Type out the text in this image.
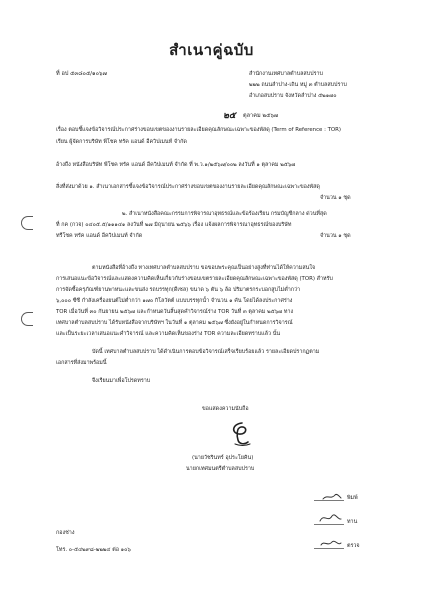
สำเนาคู่ฉบับ
ที่ อป ๕๓๘๐๕/๑๐๖๗	สำนักงานเทศบาลตำบลสบปราบ
๒๒๒ ถนนลำปาง-เถิน หมู่ ๓ ตำบลสบปราบ
อำเภอสบปราบ จังหวัดลำปาง ๕๒๑๗๐
๒๕ ตุลาคม ๒๕๖๗
เรื่อง ตอบชี้แจงข้อวิจารณ์ประกาศร่างขอบเขตของงานรายละเอียดคุณลักษณะเฉพาะของพัสดุ (Term of Reference : TOR)
เรียน ผู้จัดการบริษัท พีโชค ทรัค แอนด์ อีควิปเมนท์ จำกัด
อ้างถึง หนังสือบริษัท พีโชค ทรัค แอนด์ อีควิปเมนท์ จำกัด ที่ พ.ว.๑/๒๕๖๗/๐๐๒ ลงวันที่ ๑ ตุลาคม ๒๕๖๗
สิ่งที่ส่งมาด้วย ๑. สำเนาเอกสารชี้แจงข้อวิจารณ์ประกาศร่างขอบเขตของงานรายละเอียดคุณลักษณะเฉพาะของพัสดุ
จำนวน ๑ ชุด
๒. สำเนาหนังสือคณะกรรมการพิจารณาอุทธรณ์และข้อร้องเรียน กรมบัญชีกลาง ด่วนที่สุด
ที่ กค (กวจ) ๐๔๐๕.๕/๑๑๑๔๑ ลงวันที่ ๒๗ มิถุนายน ๒๕๖๖ เรื่อง แจ้งผลการพิจารณาอุทธรณ์ของบริษัท
ทรีโชค ทรัค แอนด์ อีควิปเมนท์ จำกัด	จำนวน ๑ ชุด
ตามหนังสือที่อ้างถึง ทางเทศบาลตำบลสบปราบ ขอขอบพระคุณเป็นอย่างสูงที่ท่านได้ให้ความสนใจ
การเสนอแนะข้อวิจารณ์และแสดงความคิดเห็นเกี่ยวกับร่างขอบเขตรายละเอียดคุณลักษณะเฉพาะของพัสดุ (TOR) สำหรับ
การจัดซื้อครุภัณฑ์ยานพาหนะและขนส่ง รถบรรทุก(ดีเซล) ขนาด ๖ ตัน ๖ ล้อ ปริมาตรกระบอกสูบไม่ต่ำกว่า
๖,๐๐๐ ซีซี กำลังเครื่องยนต์ไม่ต่ำกว่า ๑๗๐ กิโลวัตต์ แบบบรรทุกน้ำ จำนวน ๑ คัน โดยได้ลงประกาศร่าง
TOR เมื่อวันที่ ๓๐ กันยายน ๒๕๖๗ และกำหนดวันสิ้นสุดคำวิจารณ์ร่าง TOR วันที่ ๓ ตุลาคม ๒๕๖๗ ทาง
เทศบาลตำบลสบปราบ ได้รับหนังสือจากบริษัทฯ ในวันที่ ๑ ตุลาคม ๒๕๖๗ ซึ่งยังอยู่ในกำหนดการวิจารณ์
และเป็นระยะเวลาเสนอแนะคำวิจารณ์ และความคิดเห็นของร่าง TOR ความละเอียดทราบแล้ว นั้น
บัดนี้ เทศบาลตำบลสบปราบ ได้ดำเนินการตอบข้อวิจารณ์เสร็จเรียบร้อยแล้ว รายละเอียดปรากฏตาม
เอกสารที่ส่งมาพร้อมนี้
จึงเรียนมาเพื่อโปรดทราบ
ขอแสดงความนับถือ
(นายวัชรินทร์ อุประโยคิน)
นายกเทศมนตรีตำบลสบปราบ
พิมพ์
ทาน
กองช่าง
ตรวจ
โทร. ๐-๕๔๒๙๘-๒๒๒๔ ต่อ ๑๐๖
